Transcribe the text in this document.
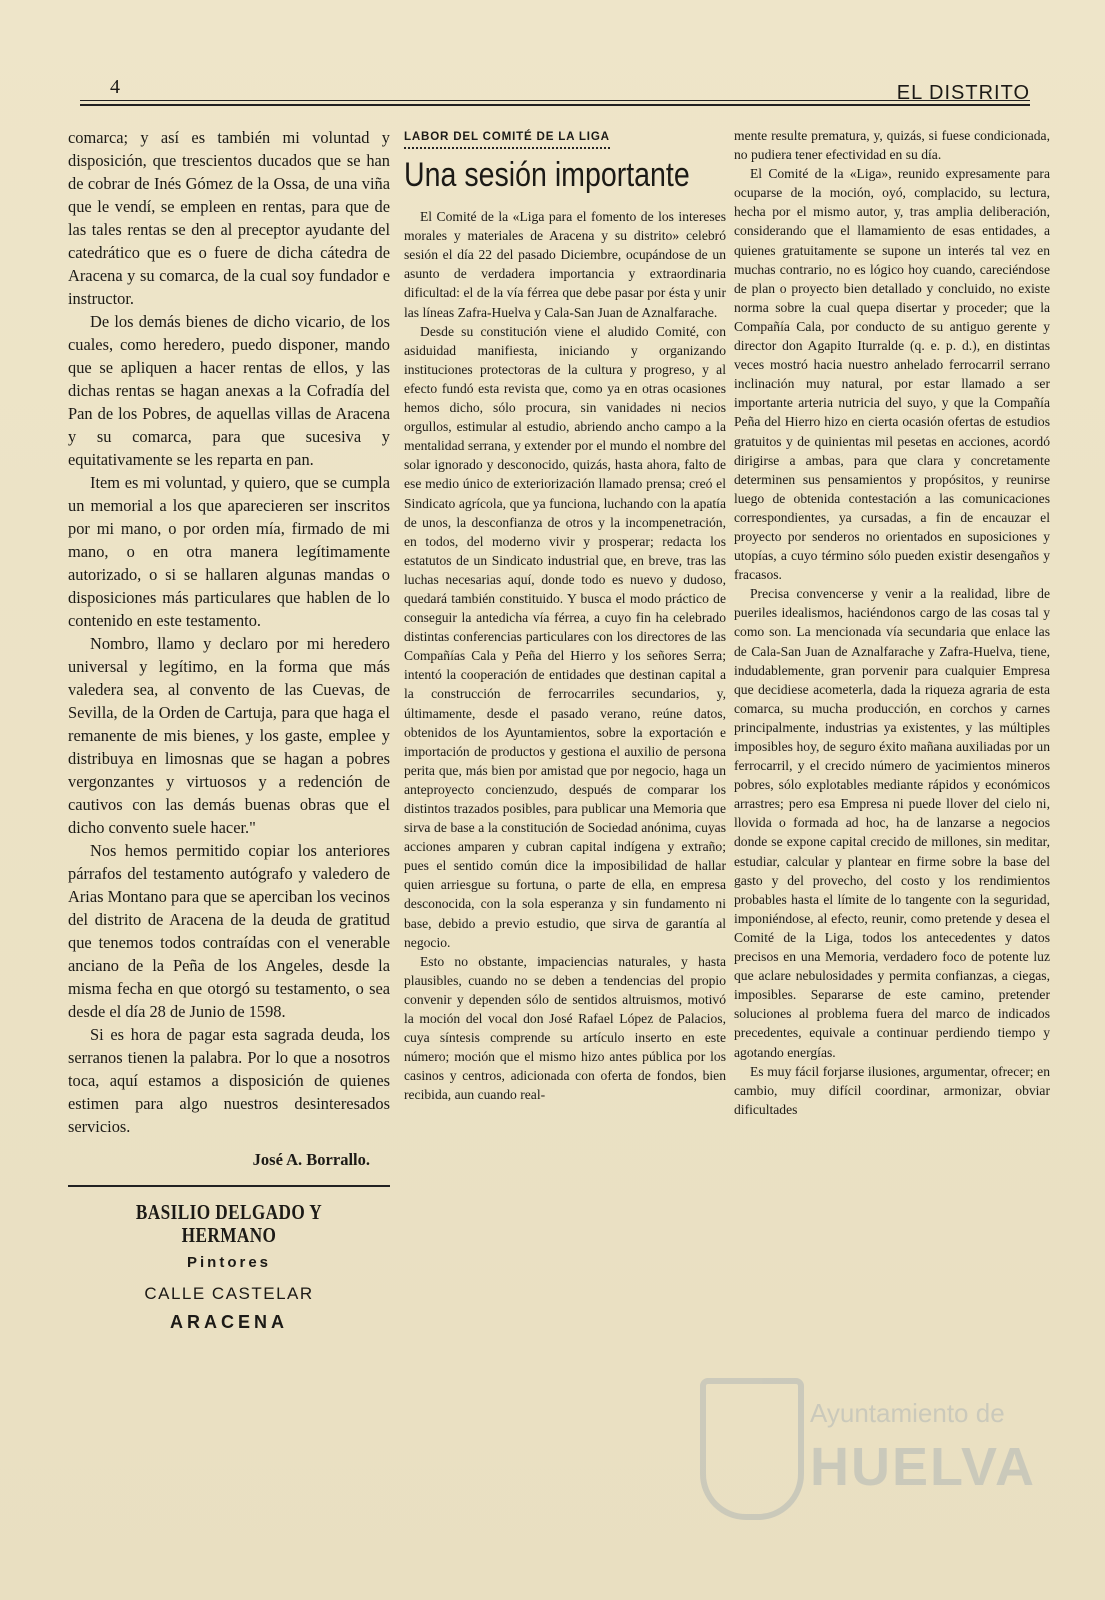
4	EL DISTRITO

comarca; y así es también mi voluntad y disposición, que trescientos ducados que se han de cobrar de Inés Gómez de la Ossa, de una viña que le vendí, se empleen en rentas, para que de las tales rentas se den al preceptor ayudante del catedrático que es o fuere de dicha cátedra de Aracena y su comarca, de la cual soy fundador e instructor.

De los demás bienes de dicho vicario, de los cuales, como heredero, puedo disponer, mando que se apliquen a hacer rentas de ellos, y las dichas rentas se hagan anexas a la Cofradía del Pan de los Pobres, de aquellas villas de Aracena y su comarca, para que sucesiva y equitativamente se les reparta en pan.

Item es mi voluntad, y quiero, que se cumpla un memorial a los que aparecieren ser inscritos por mi mano, o por orden mía, firmado de mi mano, o en otra manera legítimamente autorizado, o si se hallaren algunas mandas o disposiciones más particulares que hablen de lo contenido en este testamento.

Nombro, llamo y declaro por mi heredero universal y legítimo, en la forma que más valedera sea, al convento de las Cuevas, de Sevilla, de la Orden de Cartuja, para que haga el remanente de mis bienes, y los gaste, emplee y distribuya en limosnas que se hagan a pobres vergonzantes y virtuosos y a redención de cautivos con las demás buenas obras que el dicho convento suele hacer."

Nos hemos permitido copiar los anteriores párrafos del testamento autógrafo y valedero de Arias Montano para que se aperciban los vecinos del distrito de Aracena de la deuda de gratitud que tenemos todos contraídas con el venerable anciano de la Peña de los Angeles, desde la misma fecha en que otorgó su testamento, o sea desde el día 28 de Junio de 1598.

Si es hora de pagar esta sagrada deuda, los serranos tienen la palabra. Por lo que a nosotros toca, aquí estamos a disposición de quienes estimen para algo nuestros desinteresados servicios.

José A. Borrallo.
BASILIO DELGADO Y HERMANO
Pintores
CALLE CASTELAR
ARACENA
LABOR DEL COMITÉ DE LA LIGA
Una sesión importante

El Comité de la «Liga para el fomento de los intereses morales y materiales de Aracena y su distrito» celebró sesión el día 22 del pasado Diciembre, ocupándose de un asunto de verdadera importancia y extraordinaria dificultad: el de la vía férrea que debe pasar por ésta y unir las líneas Zafra-Huelva y Cala-San Juan de Aznalfarache.

Desde su constitución viene el aludido Comité, con asiduidad manifiesta, iniciando y organizando instituciones protectoras de la cultura y progreso, y al efecto fundó esta revista que, como ya en otras ocasiones hemos dicho, sólo procura, sin vanidades ni necios orgullos, estimular al estudio, abriendo ancho campo a la mentalidad serrana, y extender por el mundo el nombre del solar ignorado y desconocido, quizás, hasta ahora, falto de ese medio único de exteriorización llamado prensa; creó el Sindicato agrícola, que ya funciona, luchando con la apatía de unos, la desconfianza de otros y la incompenetración, en todos, del moderno vivir y prosperar; redacta los estatutos de un Sindicato industrial que, en breve, tras las luchas necesarias aquí, donde todo es nuevo y dudoso, quedará también constituido. Y busca el modo práctico de conseguir la antedicha vía férrea, a cuyo fin ha celebrado distintas conferencias particulares con los directores de las Compañías Cala y Peña del Hierro y los señores Serra; intentó la cooperación de entidades que destinan capital a la construcción de ferrocarriles secundarios, y, últimamente, desde el pasado verano, reúne datos, obtenidos de los Ayuntamientos, sobre la exportación e importación de productos y gestiona el auxilio de persona perita que, más bien por amistad que por negocio, haga un anteproyecto concienzudo, después de comparar los distintos trazados posibles, para publicar una Memoria que sirva de base a la constitución de Sociedad anónima, cuyas acciones amparen y cubran capital indígena y extraño; pues el sentido común dice la imposibilidad de hallar quien arriesgue su fortuna, o parte de ella, en empresa desconocida, con la sola esperanza y sin fundamento ni base, debido a previo estudio, que sirva de garantía al negocio.

Esto no obstante, impaciencias naturales, y hasta plausibles, cuando no se deben a tendencias del propio convenir y dependen sólo de sentidos altruismos, motivó la moción del vocal don José Rafael López de Palacios, cuya síntesis comprende su artículo inserto en este número; moción que el mismo hizo antes pública por los casinos y centros, adicionada con oferta de fondos, bien recibida, aun cuando real-

mente resulte prematura, y, quizás, si fuese condicionada, no pudiera tener efectividad en su día.

El Comité de la «Liga», reunido expresamente para ocuparse de la moción, oyó, complacido, su lectura, hecha por el mismo autor, y, tras amplia deliberación, considerando que el llamamiento de esas entidades, a quienes gratuitamente se supone un interés tal vez en muchas contrario, no es lógico hoy cuando, careciéndose de plan o proyecto bien detallado y concluido, no existe norma sobre la cual quepa disertar y proceder; que la Compañía Cala, por conducto de su antiguo gerente y director don Agapito Iturralde (q. e. p. d.), en distintas veces mostró hacia nuestro anhelado ferrocarril serrano inclinación muy natural, por estar llamado a ser importante arteria nutricia del suyo, y que la Compañía Peña del Hierro hizo en cierta ocasión ofertas de estudios gratuitos y de quinientas mil pesetas en acciones, acordó dirigirse a ambas, para que clara y concretamente determinen sus pensamientos y propósitos, y reunirse luego de obtenida contestación a las comunicaciones correspondientes, ya cursadas, a fin de encauzar el proyecto por senderos no orientados en suposiciones y utopías, a cuyo término sólo pueden existir desengaños y fracasos.

Precisa convencerse y venir a la realidad, libre de pueriles idealismos, haciéndonos cargo de las cosas tal y como son. La mencionada vía secundaria que enlace las de Cala-San Juan de Aznalfarache y Zafra-Huelva, tiene, indudablemente, gran porvenir para cualquier Empresa que decidiese acometerla, dada la riqueza agraria de esta comarca, su mucha producción, en corchos y carnes principalmente, industrias ya existentes, y las múltiples imposibles hoy, de seguro éxito mañana auxiliadas por un ferrocarril, y el crecido número de yacimientos mineros pobres, sólo explotables mediante rápidos y económicos arrastres; pero esa Empresa ni puede llover del cielo ni, llovida o formada ad hoc, ha de lanzarse a negocios donde se expone capital crecido de millones, sin meditar, estudiar, calcular y plantear en firme sobre la base del gasto y del provecho, del costo y los rendimientos probables hasta el límite de lo tangente con la seguridad, imponiéndose, al efecto, reunir, como pretende y desea el Comité de la Liga, todos los antecedentes y datos precisos en una Memoria, verdadero foco de potente luz que aclare nebulosidades y permita confianzas, a ciegas, imposibles. Separarse de este camino, pretender soluciones al problema fuera del marco de indicados precedentes, equivale a continuar perdiendo tiempo y agotando energías.

Es muy fácil forjarse ilusiones, argumentar, ofrecer; en cambio, muy difícil coordinar, armonizar, obviar dificultades

Ayuntamiento de
HUELVA
